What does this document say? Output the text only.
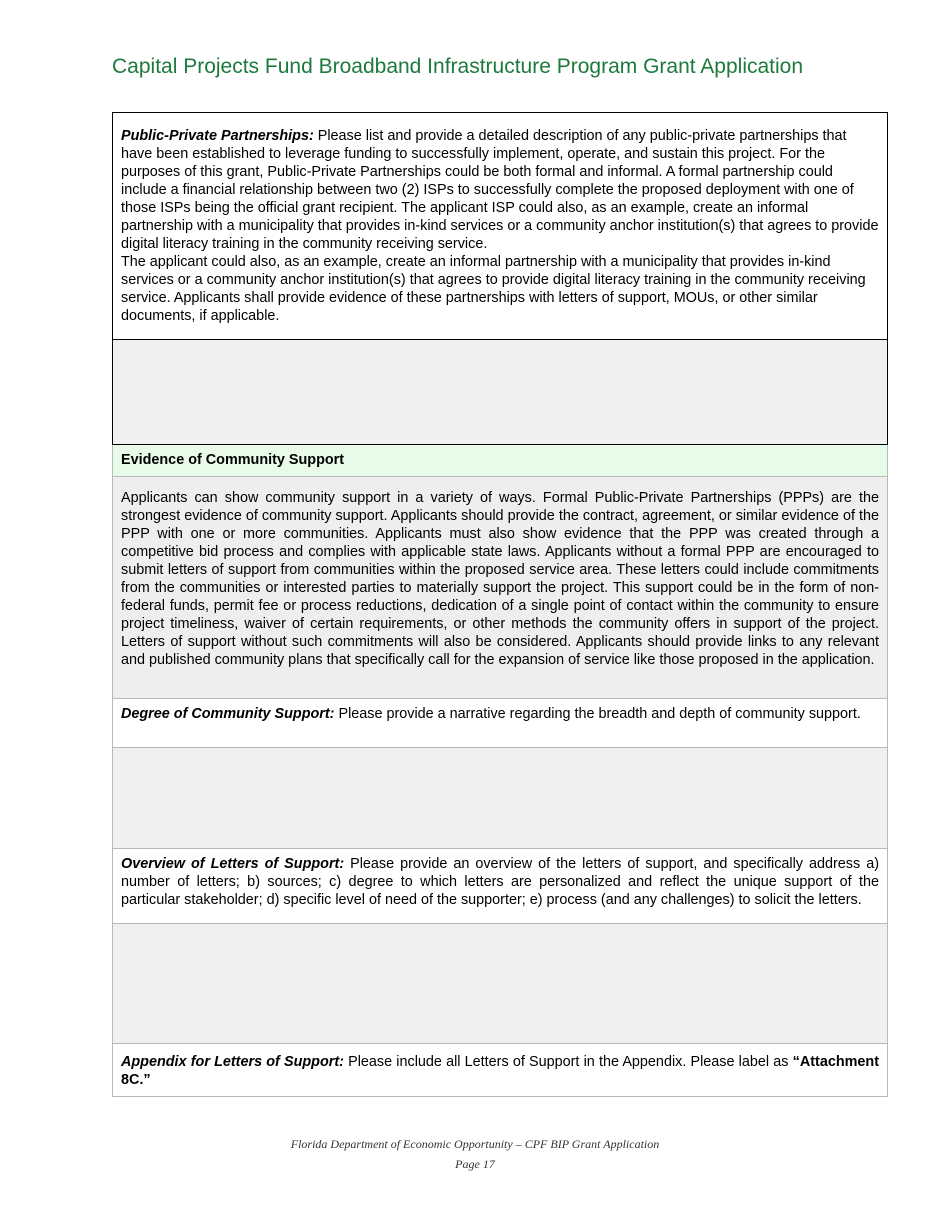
Capital Projects Fund Broadband Infrastructure Program Grant Application

Public-Private Partnerships: Please list and provide a detailed description of any public-private partnerships that have been established to leverage funding to successfully implement, operate, and sustain this project. For the purposes of this grant, Public-Private Partnerships could be both formal and informal. A formal partnership could include a financial relationship between two (2) ISPs to successfully complete the proposed deployment with one of those ISPs being the official grant recipient. The applicant ISP could also, as an example, create an informal partnership with a municipality that provides in-kind services or a community anchor institution(s) that agrees to provide digital literacy training in the community receiving service.

The applicant could also, as an example, create an informal partnership with a municipality that provides in-kind services or a community anchor institution(s) that agrees to provide digital literacy training in the community receiving service. Applicants shall provide evidence of these partnerships with letters of support, MOUs, or other similar documents, if applicable.

Evidence of Community Support
Applicants can show community support in a variety of ways. Formal Public-Private Partnerships (PPPs) are the strongest evidence of community support. Applicants should provide the contract, agreement, or similar evidence of the PPP with one or more communities. Applicants must also show evidence that the PPP was created through a competitive bid process and complies with applicable state laws. Applicants without a formal PPP are encouraged to submit letters of support from communities within the proposed service area. These letters could include commitments from the communities or interested parties to materially support the project. This support could be in the form of non-federal funds, permit fee or process reductions, dedication of a single point of contact within the community to ensure project timeliness, waiver of certain requirements, or other methods the community offers in support of the project. Letters of support without such commitments will also be considered. Applicants should provide links to any relevant and published community plans that specifically call for the expansion of service like those proposed in the application.
Degree of Community Support: Please provide a narrative regarding the breadth and depth of community support.
Overview of Letters of Support: Please provide an overview of the letters of support, and specifically address a) number of letters; b) sources; c) degree to which letters are personalized and reflect the unique support of the particular stakeholder; d) specific level of need of the supporter; e) process (and any challenges) to solicit the letters.
Appendix for Letters of Support: Please include all Letters of Support in the Appendix. Please label as “Attachment 8C.”
Florida Department of Economic Opportunity – CPF BIP Grant Application
Page 17
